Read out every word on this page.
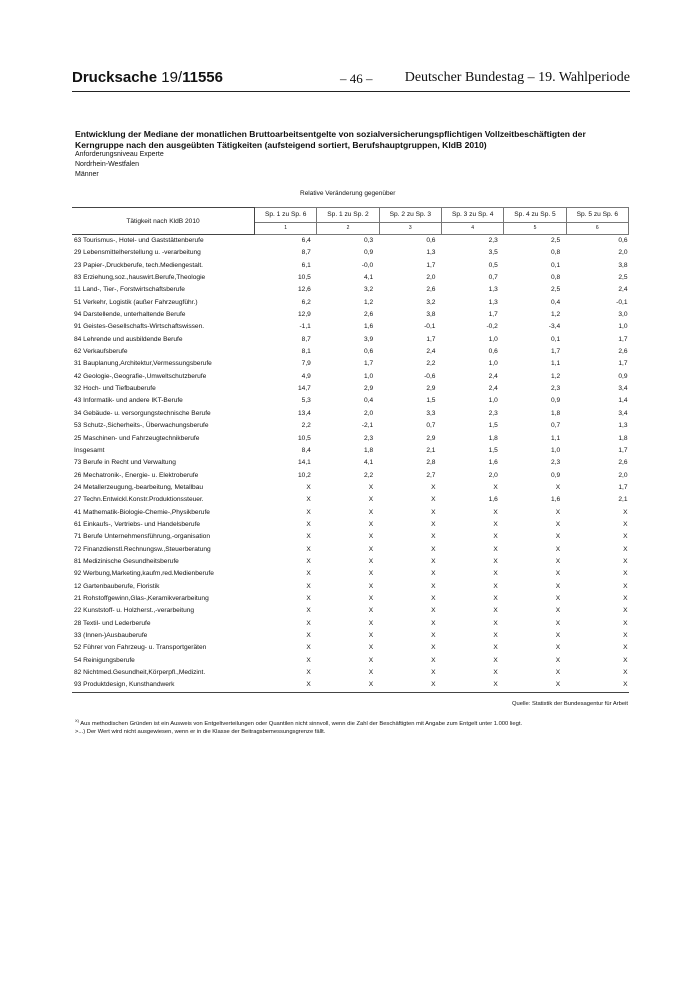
Drucksache 19/11556	– 46 – Deutscher Bundestag – 19. Wahlperiode
Entwicklung der Mediane der monatlichen Bruttoarbeitsentgelte von sozialversicherungspflichtigen Vollzeitbeschäftigten der Kerngruppe nach den ausgeübten Tätigkeiten (aufsteigend sortiert, Berufshauptgruppen, KldB 2010)
Anforderungsniveau Experte
Nordrhein-Westfalen
Männer
Relative Veränderung gegenüber
Tätigkeit nach KldB 2010	Sp. 1 zu Sp. 6	Sp. 1 zu Sp. 2	Sp. 2 zu Sp. 3	Sp. 3 zu Sp. 4	Sp. 4 zu Sp. 5	Sp. 5 zu Sp. 6
	1	2	3	4	5	6
63 Tourismus-, Hotel- und Gaststättenberufe	6,4	0,3	0,6	2,3	2,5	0,6
29 Lebensmittelherstellung u. -verarbeitung	8,7	0,9	1,3	3,5	0,8	2,0
23 Papier-,Druckberufe, tech.Mediengestalt.	6,1	-0,0	1,7	0,5	0,1	3,8
83 Erziehung,soz.,hauswirt.Berufe,Theologie	10,5	4,1	2,0	0,7	0,8	2,5
11 Land-, Tier-, Forstwirtschaftsberufe	12,6	3,2	2,6	1,3	2,5	2,4
51 Verkehr, Logistik (außer Fahrzeugführ.)	6,2	1,2	3,2	1,3	0,4	-0,1
94 Darstellende, unterhaltende Berufe	12,9	2,6	3,8	1,7	1,2	3,0
91 Geistes-Gesellschafts-Wirtschaftswissen.	-1,1	1,6	-0,1	-0,2	-3,4	1,0
84 Lehrende und ausbildende Berufe	8,7	3,9	1,7	1,0	0,1	1,7
62 Verkaufsberufe	8,1	0,6	2,4	0,6	1,7	2,6
31 Bauplanung,Architektur,Vermessungsberufe	7,9	1,7	2,2	1,0	1,1	1,7
42 Geologie-,Geografie-,Umweltschutzberufe	4,9	1,0	-0,6	2,4	1,2	0,9
32 Hoch- und Tiefbauberufe	14,7	2,9	2,9	2,4	2,3	3,4
43 Informatik- und andere IKT-Berufe	5,3	0,4	1,5	1,0	0,9	1,4
34 Gebäude- u. versorgungstechnische Berufe	13,4	2,0	3,3	2,3	1,8	3,4
53 Schutz-,Sicherheits-, Überwachungsberufe	2,2	-2,1	0,7	1,5	0,7	1,3
25 Maschinen- und Fahrzeugtechnikberufe	10,5	2,3	2,9	1,8	1,1	1,8
Insgesamt	8,4	1,8	2,1	1,5	1,0	1,7
73 Berufe in Recht und Verwaltung	14,1	4,1	2,8	1,6	2,3	2,6
26 Mechatronik-, Energie- u. Elektroberufe	10,2	2,2	2,7	2,0	0,9	2,0
24 Metallerzeugung,-bearbeitung, Metallbau	X	X	X	X	X	1,7
27 Techn.Entwickl.Konstr.Produktionssteuer.	X	X	X	1,6	1,6	2,1
41 Mathematik-Biologie-Chemie-,Physikberufe	X	X	X	X	X	X
61 Einkaufs-, Vertriebs- und Handelsberufe	X	X	X	X	X	X
71 Berufe Unternehmensführung,-organisation	X	X	X	X	X	X
72 Finanzdienstl.Rechnungsw.,Steuerberatung	X	X	X	X	X	X
81 Medizinische Gesundheitsberufe	X	X	X	X	X	X
92 Werbung,Marketing,kaufm,red.Medienberufe	X	X	X	X	X	X
12 Gartenbauberufe, Floristik	X	X	X	X	X	X
21 Rohstoffgewinn,Glas-,Keramikverarbeitung	X	X	X	X	X	X
22 Kunststoff- u. Holzherst.,-verarbeitung	X	X	X	X	X	X
28 Textil- und Lederberufe	X	X	X	X	X	X
33 (Innen-)Ausbauberufe	X	X	X	X	X	X
52 Führer von Fahrzeug- u. Transportgeräten	X	X	X	X	X	X
54 Reinigungsberufe	X	X	X	X	X	X
82 Nichtmed.Gesundheit,Körperpfl.,Medizint.	X	X	X	X	X	X
93 Produktdesign, Kunsthandwerk	X	X	X	X	X	X
Quelle: Statistik der Bundesagentur für Arbeit
$^{X)}$ Aus methodischen Gründen ist ein Ausweis von Entgeltverteilungen oder Quantilen nicht sinnvoll, wenn die Zahl der Beschäftigten mit Angabe zum Entgelt unter 1.000 liegt.
>...) Der Wert wird nicht ausgewiesen, wenn er in die Klasse der Beitragsbemessungsgrenze fällt.
